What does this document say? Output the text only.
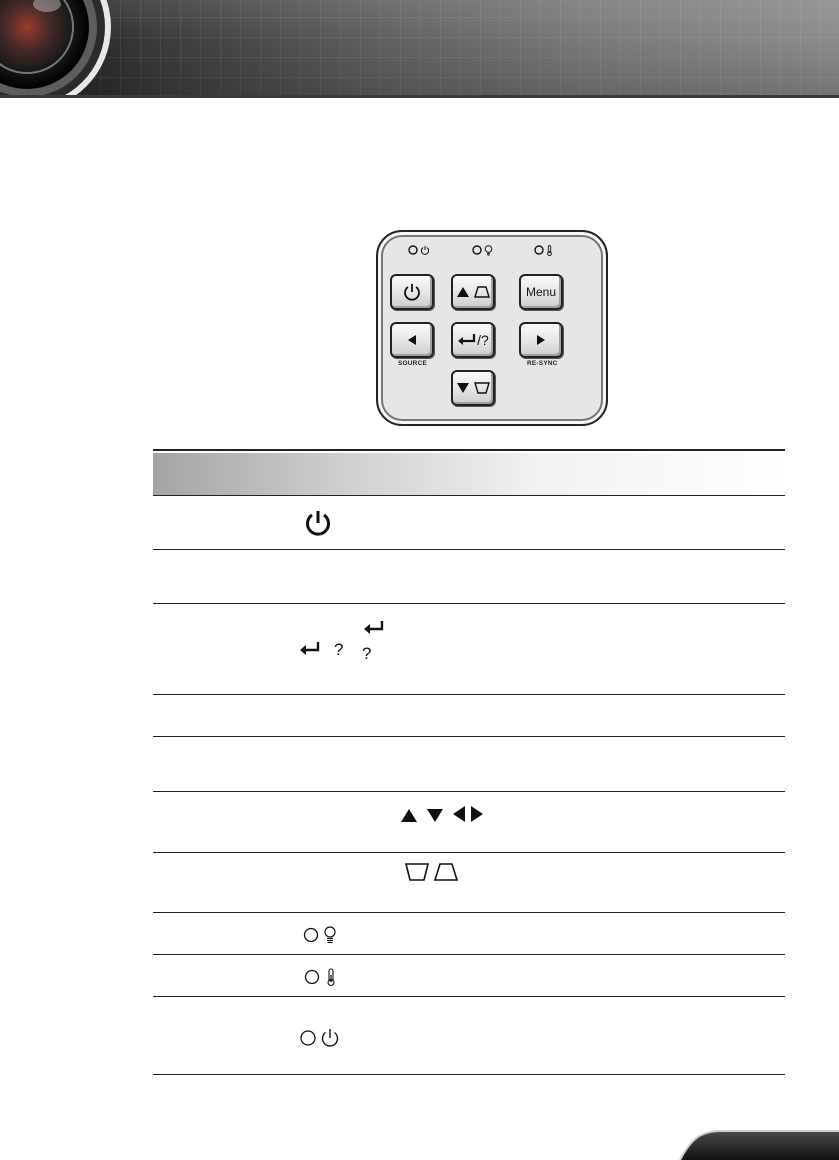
Menu
/?
SOURCE	RE-SYNC
? ?
